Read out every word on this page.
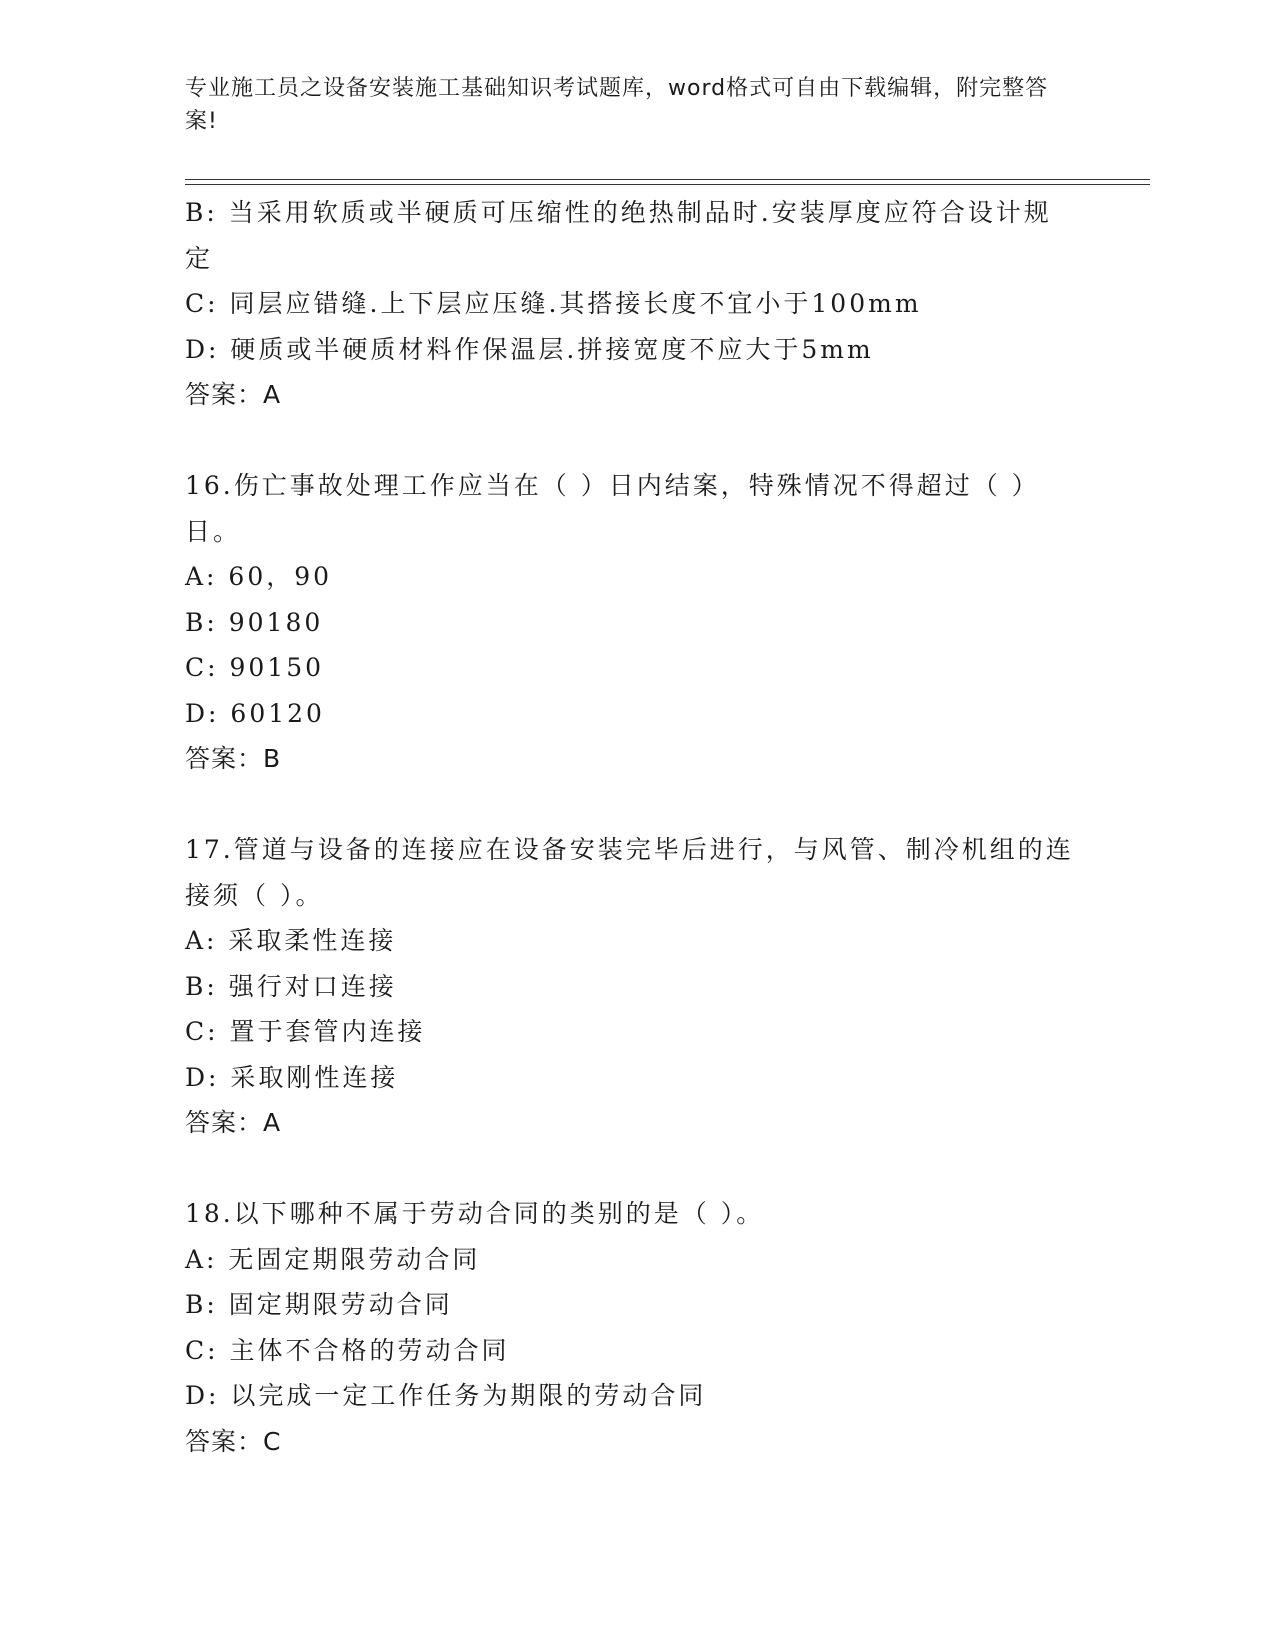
专业施工员之设备安装施工基础知识考试题库，word格式可自由下载编辑，附完整答案!
B: 当采用软质或半硬质可压缩性的绝热制品时.安装厚度应符合设计规定
C: 同层应错缝.上下层应压缝.其搭接长度不宜小于100mm
D: 硬质或半硬质材料作保温层.拼接宽度不应大于5mm
答案：A
16.伤亡事故处理工作应当在（ ）日内结案，特殊情况不得超过（ ）日。
A: 60，90
B: 90180
C: 90150
D: 60120
答案：B
17.管道与设备的连接应在设备安装完毕后进行，与风管、制冷机组的连接须（ ）。
A: 采取柔性连接
B: 强行对口连接
C: 置于套管内连接
D: 采取刚性连接
答案：A
18.以下哪种不属于劳动合同的类别的是（ ）。
A: 无固定期限劳动合同
B: 固定期限劳动合同
C: 主体不合格的劳动合同
D: 以完成一定工作任务为期限的劳动合同
答案：C
